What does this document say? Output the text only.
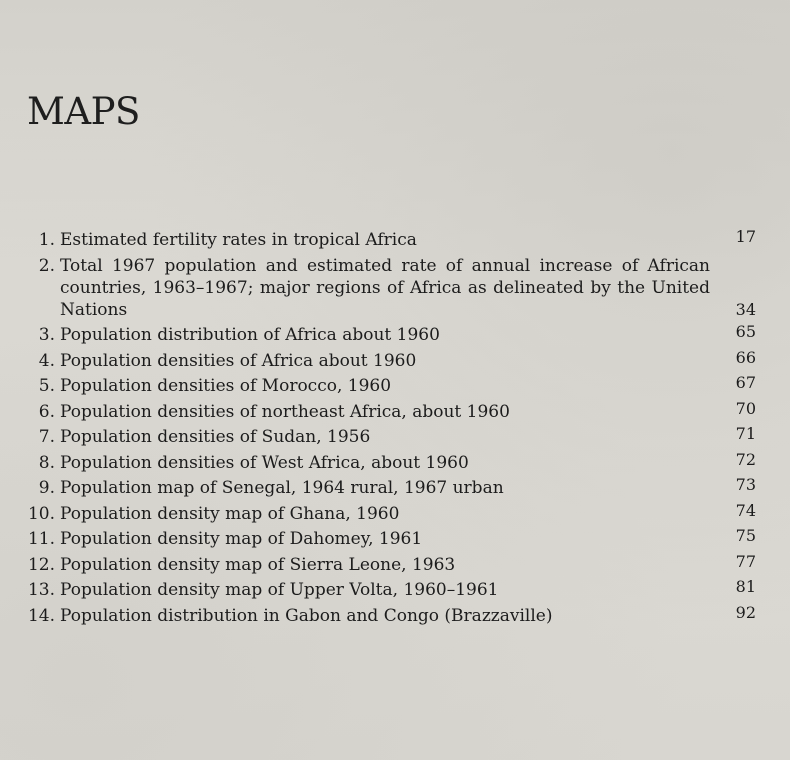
MAPS
1. Estimated fertility rates in tropical Africa	17
2. Total 1967 population and estimated rate of annual increase of African countries, 1963–1967; major regions of Africa as delineated by the United Nations	34
3. Population distribution of Africa about 1960	65
4. Population densities of Africa about 1960	66
5. Population densities of Morocco, 1960	67
6. Population densities of northeast Africa, about 1960	70
7. Population densities of Sudan, 1956	71
8. Population densities of West Africa, about 1960	72
9. Population map of Senegal, 1964 rural, 1967 urban	73
10. Population density map of Ghana, 1960	74
11. Population density map of Dahomey, 1961	75
12. Population density map of Sierra Leone, 1963	77
13. Population density map of Upper Volta, 1960–1961	81
14. Population distribution in Gabon and Congo (Brazzaville)	92
